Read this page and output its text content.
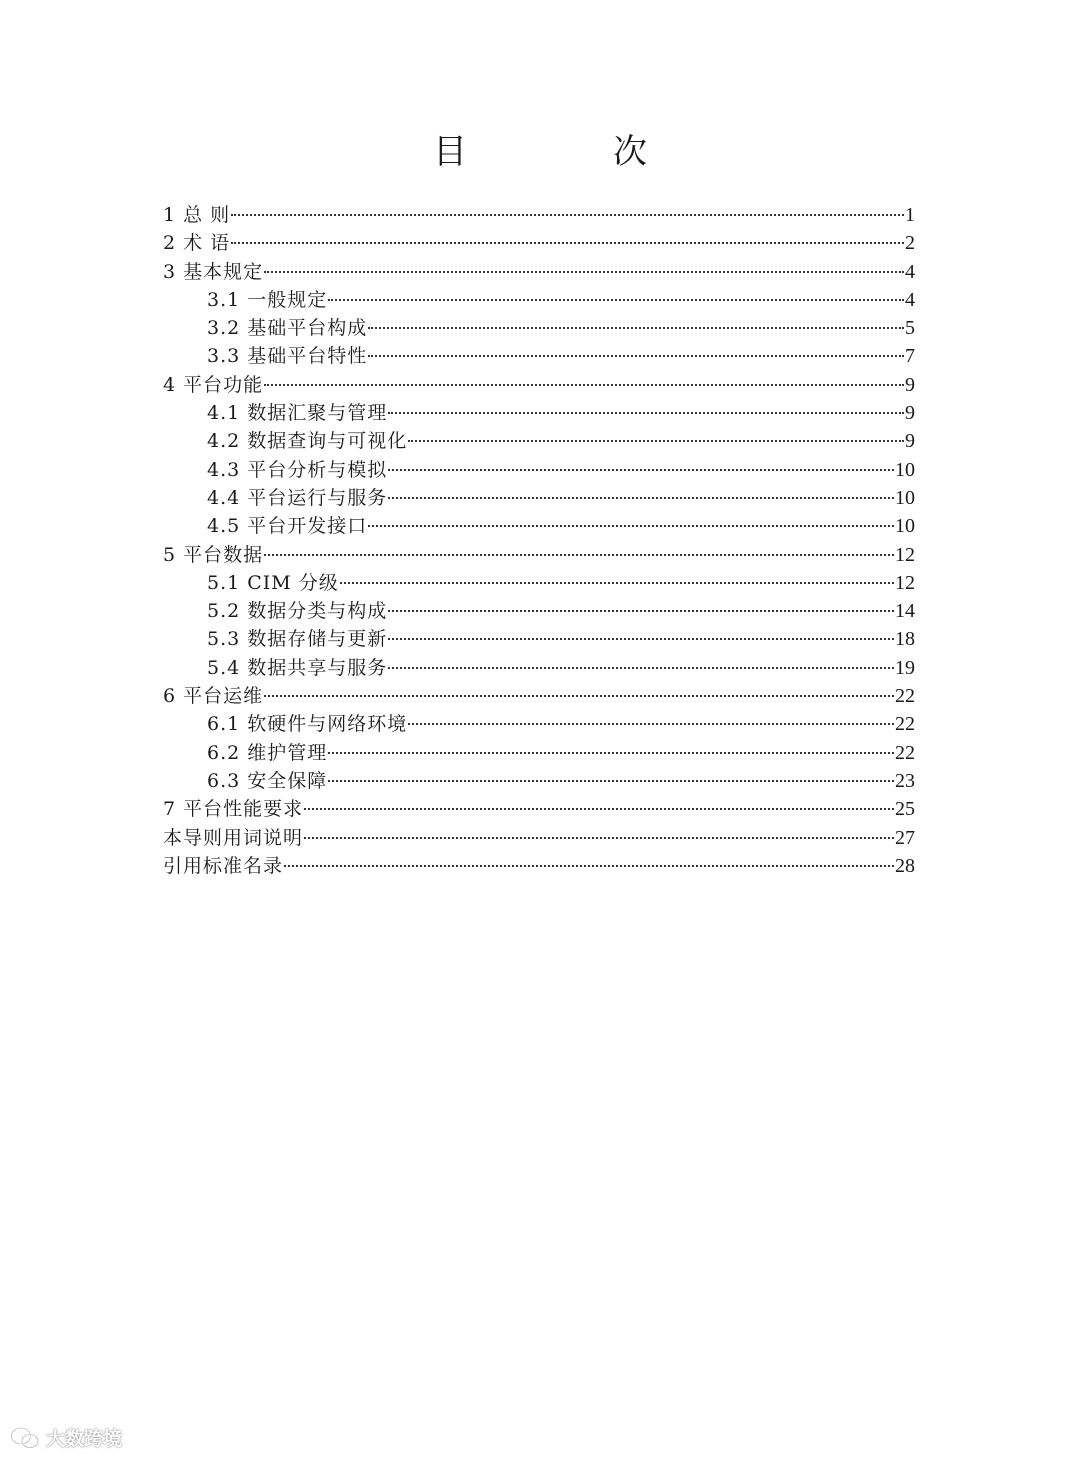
目　次
1 总 则	1
2 术 语	2
3 基本规定	4
3.1 一般规定	4
3.2 基础平台构成	5
3.3 基础平台特性	7
4 平台功能	9
4.1 数据汇聚与管理	9
4.2 数据查询与可视化	9
4.3 平台分析与模拟	10
4.4 平台运行与服务	10
4.5 平台开发接口	10
5 平台数据	12
5.1 CIM 分级	12
5.2 数据分类与构成	14
5.3 数据存储与更新	18
5.4 数据共享与服务	19
6 平台运维	22
6.1 软硬件与网络环境	22
6.2 维护管理	22
6.3 安全保障	23
7 平台性能要求	25
本导则用词说明	27
引用标准名录	28
大数跨境
